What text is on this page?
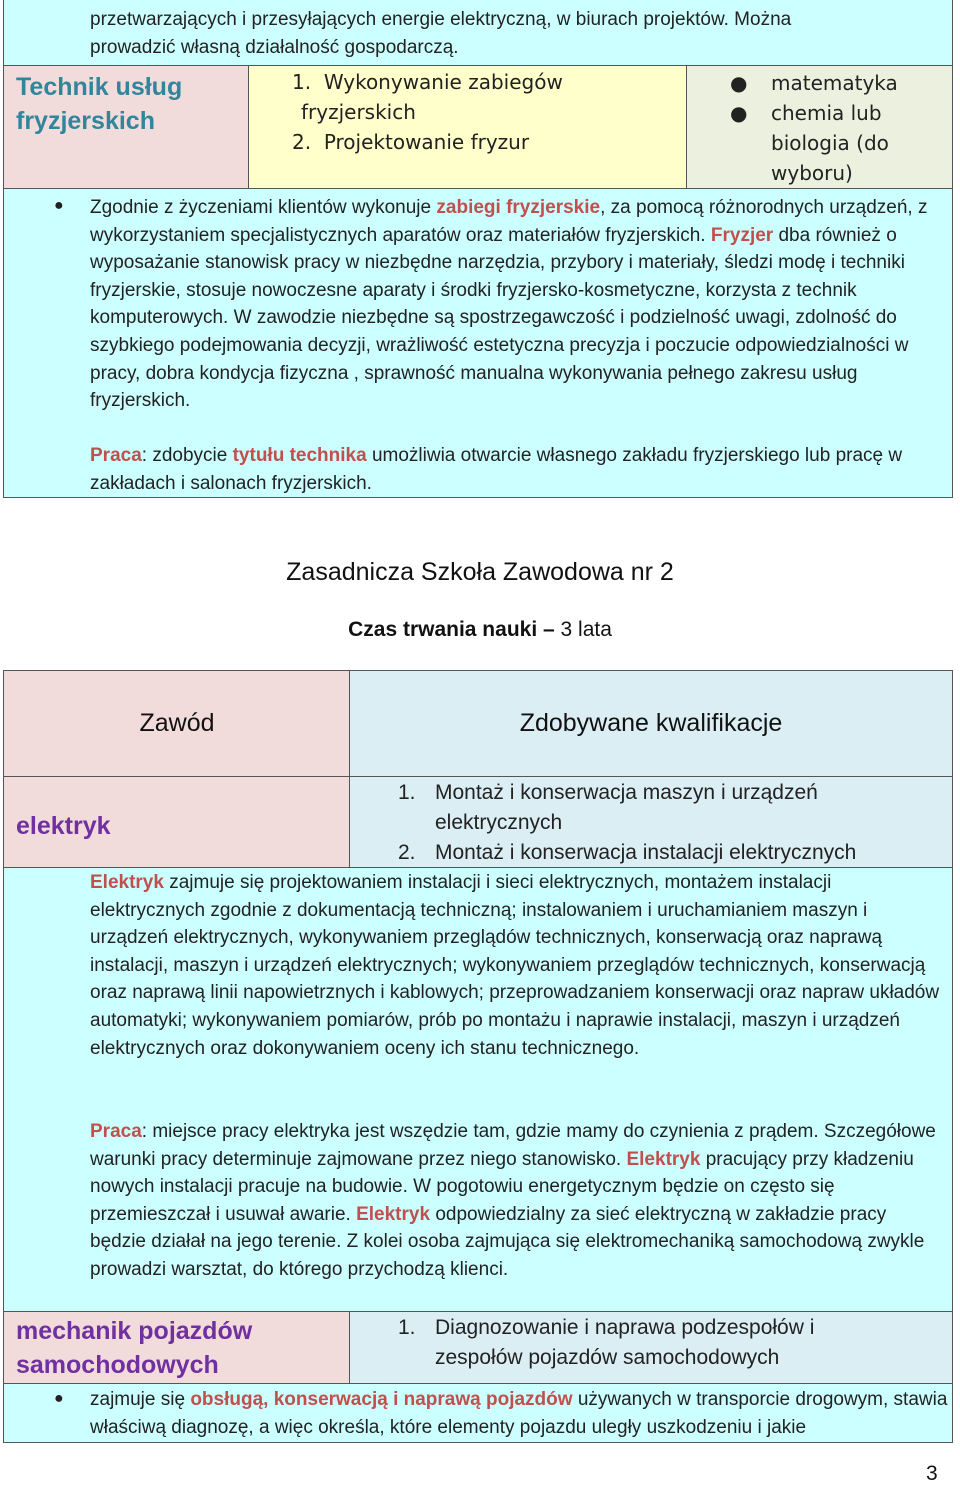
przetwarzających i przesyłających energie elektryczną, w biurach projektów. Można
prowadzić własną działalność gospodarczą.
Technik usług
fryzjerskich
1. Wykonywanie zabiegów
fryzjerskich
2. Projektowanie fryzur
● matematyka
● chemia lub
biologia (do
wyboru)
● Zgodnie z życzeniami klientów wykonuje zabiegi fryzjerskie, za pomocą różnorodnych urządzeń, z wykorzystaniem specjalistycznych aparatów oraz materiałów fryzjerskich. Fryzjer dba również o wyposażanie stanowisk pracy w niezbędne narzędzia, przybory i materiały, śledzi modę i techniki fryzjerskie, stosuje nowoczesne aparaty i środki fryzjersko-kosmetyczne, korzysta z technik komputerowych. W zawodzie niezbędne są spostrzegawczość i podzielność uwagi, zdolność do szybkiego podejmowania decyzji, wrażliwość estetyczna precyzja i poczucie odpowiedzialności w pracy, dobra kondycja fizyczna , sprawność manualna wykonywania pełnego zakresu usług fryzjerskich.
Praca: zdobycie tytułu technika umożliwia otwarcie własnego zakładu fryzjerskiego lub pracę w zakładach i salonach fryzjerskich.
Zasadnicza Szkoła Zawodowa nr 2
Czas trwania nauki – 3 lata
Zawód	Zdobywane kwalifikacje
elektryk
1. Montaż i konserwacja maszyn i urządzeń
elektrycznych
2. Montaż i konserwacja instalacji elektrycznych
Elektryk zajmuje się projektowaniem instalacji i sieci elektrycznych, montażem instalacji elektrycznych zgodnie z dokumentacją techniczną; instalowaniem i uruchamianiem maszyn i urządzeń elektrycznych, wykonywaniem przeglądów technicznych, konserwacją oraz naprawą instalacji, maszyn i urządzeń elektrycznych; wykonywaniem przeglądów technicznych, konserwacją oraz naprawą linii napowietrznych i kablowych; przeprowadzaniem konserwacji oraz napraw układów automatyki; wykonywaniem pomiarów, prób po montażu i naprawie instalacji, maszyn i urządzeń elektrycznych oraz dokonywaniem oceny ich stanu technicznego.
Praca: miejsce pracy elektryka jest wszędzie tam, gdzie mamy do czynienia z prądem. Szczegółowe warunki pracy determinuje zajmowane przez niego stanowisko. Elektryk pracujący przy kładzeniu nowych instalacji pracuje na budowie. W pogotowiu energetycznym będzie on często się przemieszczał i usuwał awarie. Elektryk odpowiedzialny za sieć elektryczną w zakładzie pracy będzie działał na jego terenie. Z kolei osoba zajmująca się elektromechaniką samochodową zwykle prowadzi warsztat, do którego przychodzą klienci.
mechanik pojazdów
samochodowych
1. Diagnozowanie i naprawa podzespołów i
zespołów pojazdów samochodowych
● zajmuje się obsługą, konserwacją i naprawą pojazdów używanych w transporcie drogowym, stawia właściwą diagnozę, a więc określa, które elementy pojazdu uległy uszkodzeniu i jakie
3
